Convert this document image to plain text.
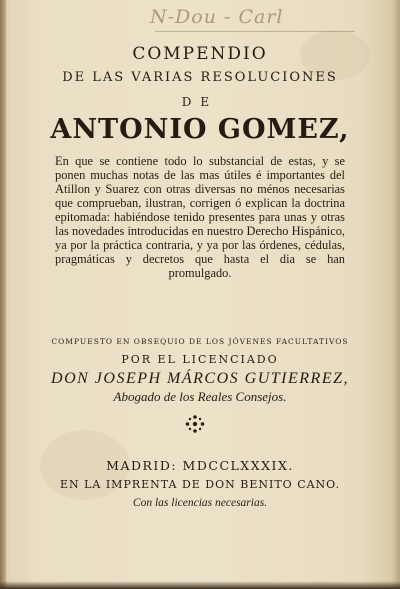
N-Dou - Carl
COMPENDIO
DE LAS VARIAS RESOLUCIONES
DE
ANTONIO GOMEZ,
En que se contiene todo lo substancial de estas, y se ponen muchas notas de las mas útiles é importantes del Atillon y Suarez con otras diversas no ménos necesarias que comprueban, ilustran, corrigen ó explican la doctrina epitomada: habiéndose tenido presentes para unas y otras las novedades introducidas en nuestro Derecho Hispánico, ya por la práctica contraria, y ya por las órdenes, cédulas, pragmáticas y decretos que hasta el dia se han promulgado.
COMPUESTO EN OBSEQUIO DE LOS JÓVENES FACULTATIVOS
POR EL LICENCIADO
DON JOSEPH MÁRCOS GUTIERREZ,
Abogado de los Reales Consejos.
MADRID: MDCCLXXXIX.
EN LA IMPRENTA DE DON BENITO CANO.
Con las licencias necesarias.
